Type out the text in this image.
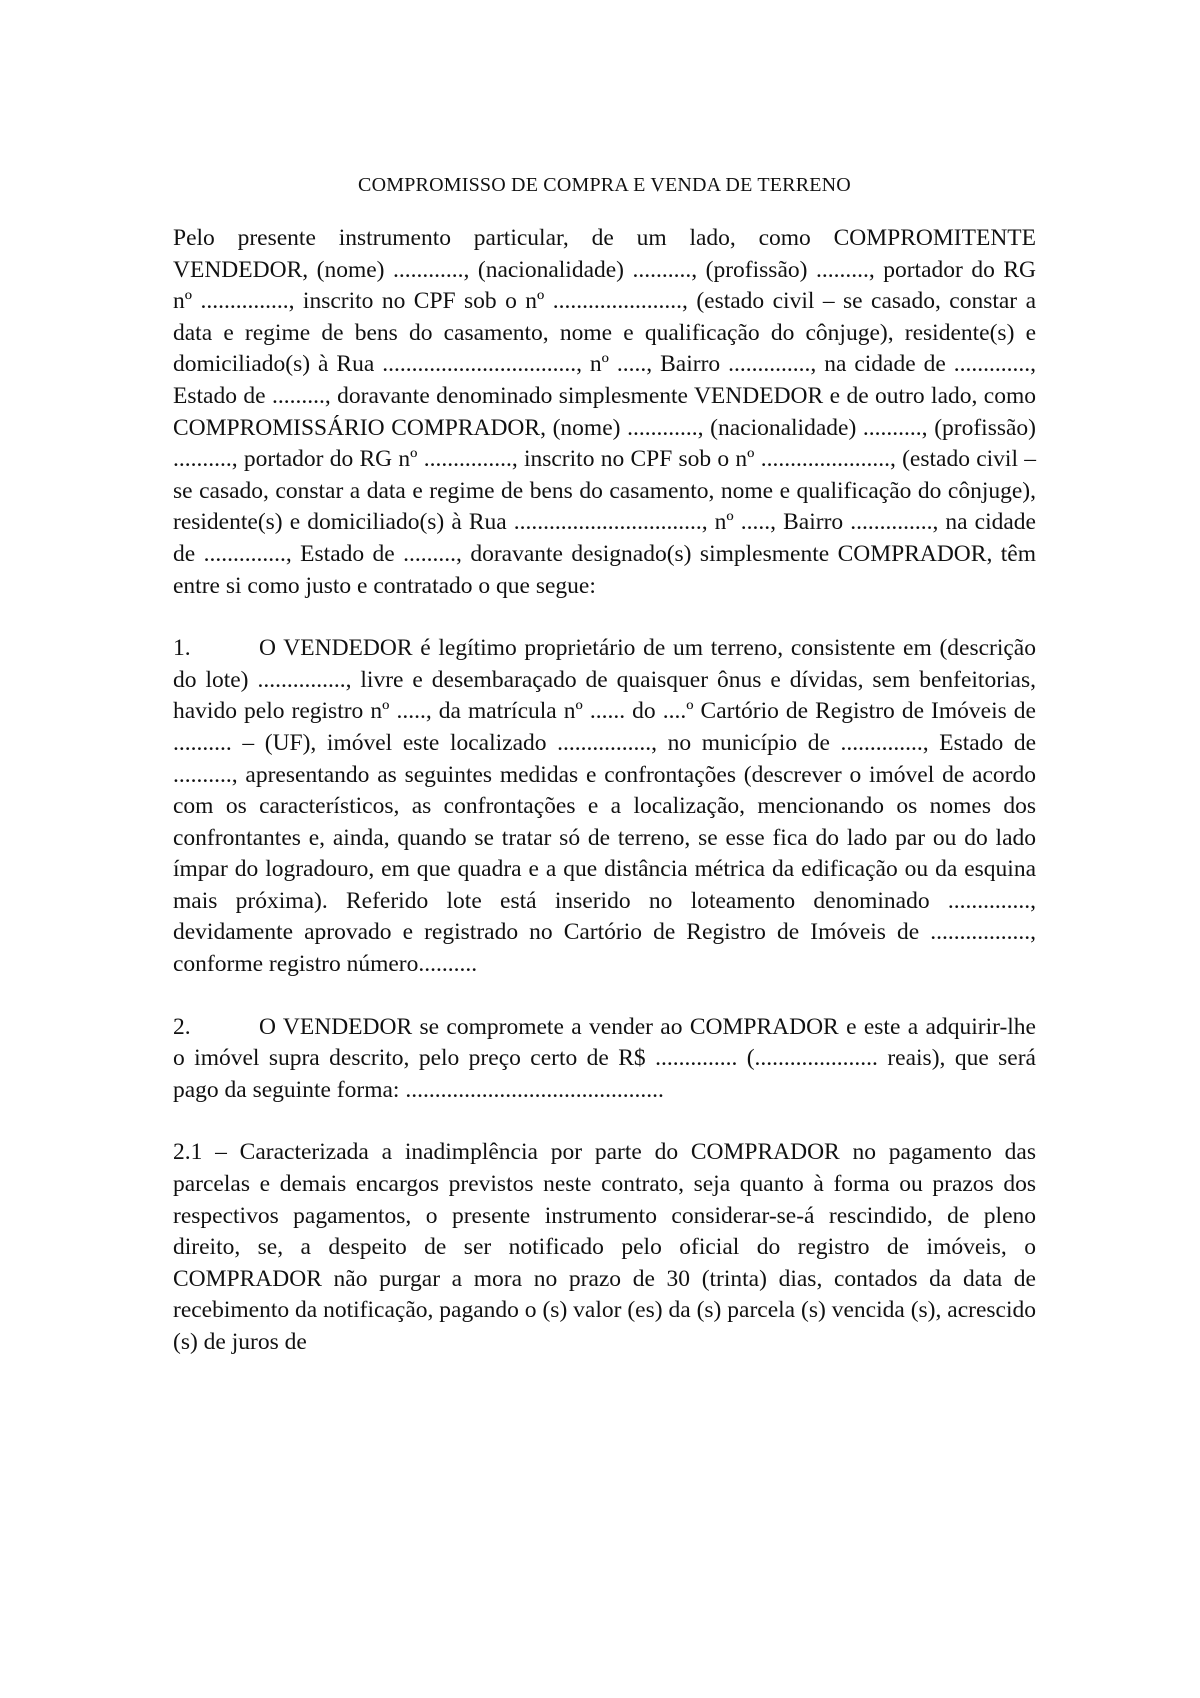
COMPROMISSO DE COMPRA E VENDA DE TERRENO

Pelo presente instrumento particular, de um lado, como COMPROMITENTE VENDEDOR, (nome) ............, (nacionalidade) .........., (profissão) ........., portador do RG nº ..............., inscrito no CPF sob o nº ......................, (estado civil – se casado, constar a data e regime de bens do casamento, nome e qualificação do cônjuge), residente(s) e domiciliado(s) à Rua ................................., nº ....., Bairro .............., na cidade de ............., Estado de ........., doravante denominado simplesmente VENDEDOR e de outro lado, como COMPROMISSÁRIO COMPRADOR, (nome) ............, (nacionalidade) .........., (profissão) .........., portador do RG nº ..............., inscrito no CPF sob o nº ......................, (estado civil – se casado, constar a data e regime de bens do casamento, nome e qualificação do cônjuge), residente(s) e domiciliado(s) à Rua ................................, nº ....., Bairro .............., na cidade de .............., Estado de ........., doravante designado(s) simplesmente COMPRADOR, têm entre si como justo e contratado o que segue:

1.	O VENDEDOR é legítimo proprietário de um terreno, consistente em (descrição do lote) ..............., livre e desembaraçado de quaisquer ônus e dívidas, sem benfeitorias, havido pelo registro nº ....., da matrícula nº ...... do ....º Cartório de Registro de Imóveis de .......... – (UF), imóvel este localizado ................, no município de .............., Estado de .........., apresentando as seguintes medidas e confrontações (descrever o imóvel de acordo com os característicos, as confrontações e a localização, mencionando os nomes dos confrontantes e, ainda, quando se tratar só de terreno, se esse fica do lado par ou do lado ímpar do logradouro, em que quadra e a que distância métrica da edificação ou da esquina mais próxima). Referido lote está inserido no loteamento denominado .............., devidamente aprovado e registrado no Cartório de Registro de Imóveis de ................., conforme registro número..........

2.	O VENDEDOR se compromete a vender ao COMPRADOR e este a adquirir-lhe o imóvel supra descrito, pelo preço certo de R$ .............. (..................... reais), que será pago da seguinte forma: ............................................

2.1 – Caracterizada a inadimplência por parte do COMPRADOR no pagamento das parcelas e demais encargos previstos neste contrato, seja quanto à forma ou prazos dos respectivos pagamentos, o presente instrumento considerar-se-á rescindido, de pleno direito, se, a despeito de ser notificado pelo oficial do registro de imóveis, o COMPRADOR não purgar a mora no prazo de 30 (trinta) dias, contados da data de recebimento da notificação, pagando o (s) valor (es) da (s) parcela (s) vencida (s), acrescido (s) de juros de
